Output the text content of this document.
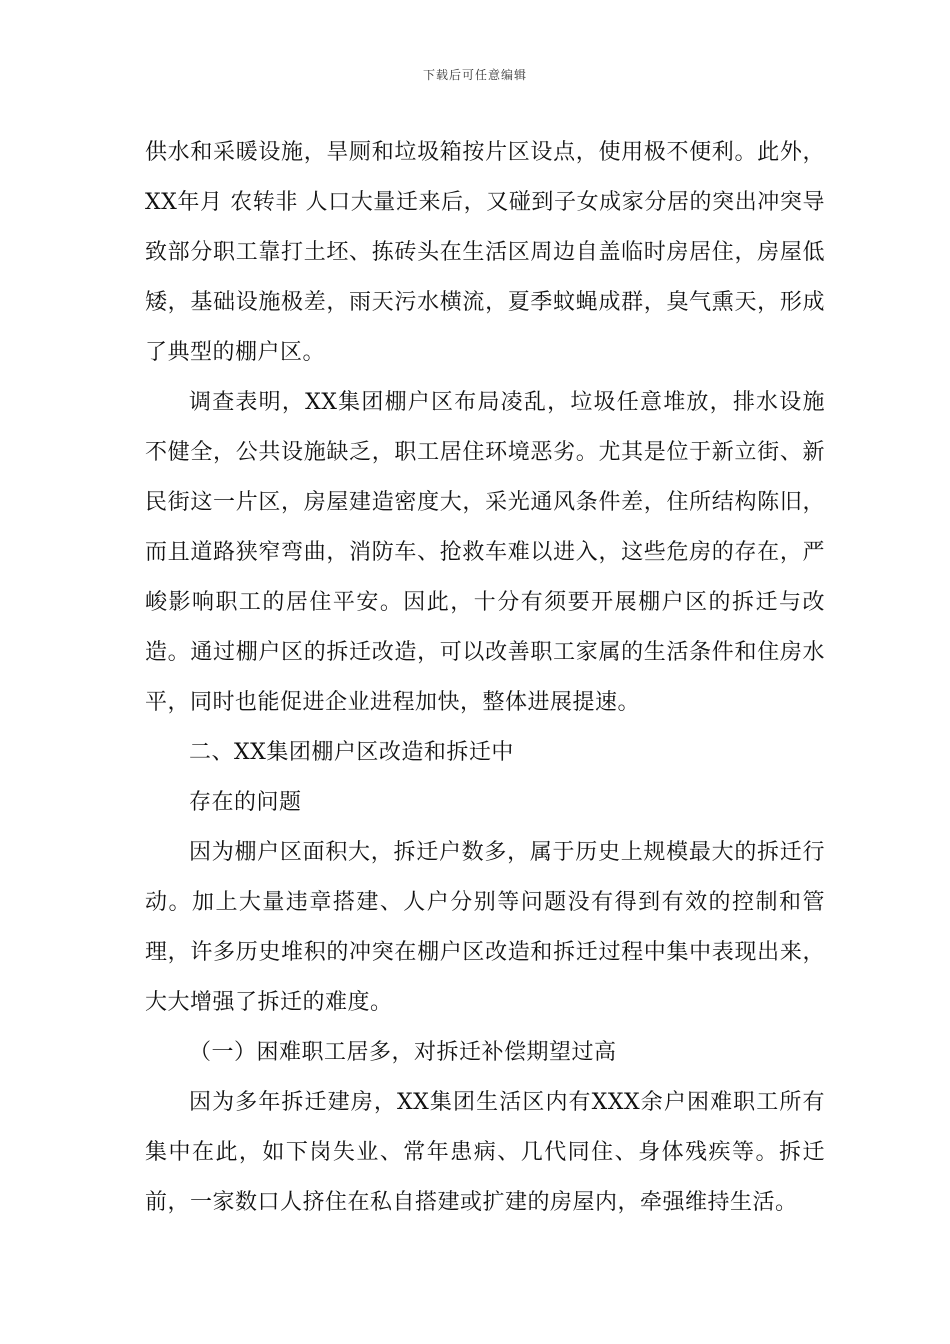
下载后可任意编辑

供水和采暖设施，旱厕和垃圾箱按片区设点，使用极不便利。此外，XX年月 农转非 人口大量迁来后，又碰到子女成家分居的突出冲突导致部分职工靠打土坯、拣砖头在生活区周边自盖临时房居住，房屋低矮，基础设施极差，雨天污水横流，夏季蚊蝇成群，臭气熏天，形成了典型的棚户区。

调查表明，XX集团棚户区布局凌乱，垃圾任意堆放，排水设施不健全，公共设施缺乏，职工居住环境恶劣。尤其是位于新立街、新民街这一片区，房屋建造密度大，采光通风条件差，住所结构陈旧，而且道路狭窄弯曲，消防车、抢救车难以进入，这些危房的存在，严峻影响职工的居住平安。因此，十分有须要开展棚户区的拆迁与改造。通过棚户区的拆迁改造，可以改善职工家属的生活条件和住房水平，同时也能促进企业进程加快，整体进展提速。

二、XX集团棚户区改造和拆迁中

存在的问题

因为棚户区面积大，拆迁户数多，属于历史上规模最大的拆迁行动。加上大量违章搭建、人户分别等问题没有得到有效的控制和管理，许多历史堆积的冲突在棚户区改造和拆迁过程中集中表现出来，大大增强了拆迁的难度。

（一）困难职工居多，对拆迁补偿期望过高

因为多年拆迁建房，XX集团生活区内有XXX余户困难职工所有集中在此，如下岗失业、常年患病、几代同住、身体残疾等。拆迁前，一家数口人挤住在私自搭建或扩建的房屋内，牵强维持生活。
